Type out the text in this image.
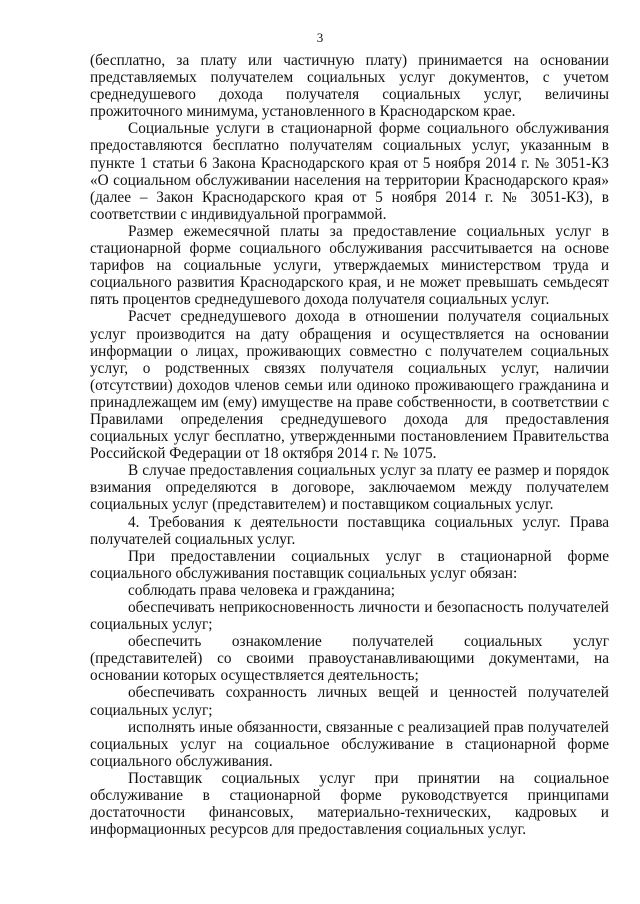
3

(бесплатно, за плату или частичную плату) принимается на основании представляемых получателем социальных услуг документов, с учетом среднедушевого дохода получателя социальных услуг, величины прожиточного минимума, установленного в Краснодарском крае.

Социальные услуги в стационарной форме социального обслуживания предоставляются бесплатно получателям социальных услуг, указанным в пункте 1 статьи 6 Закона Краснодарского края от 5 ноября 2014 г. № 3051-КЗ «О социальном обслуживании населения на территории Краснодарского края» (далее – Закон Краснодарского края от 5 ноября 2014 г. № 3051-КЗ), в соответствии с индивидуальной программой.

Размер ежемесячной платы за предоставление социальных услуг в стационарной форме социального обслуживания рассчитывается на основе тарифов на социальные услуги, утверждаемых министерством труда и социального развития Краснодарского края, и не может превышать семьдесят пять процентов среднедушевого дохода получателя социальных услуг.

Расчет среднедушевого дохода в отношении получателя социальных услуг производится на дату обращения и осуществляется на основании информации о лицах, проживающих совместно с получателем социальных услуг, о родственных связях получателя социальных услуг, наличии (отсутствии) доходов членов семьи или одиноко проживающего гражданина и принадлежащем им (ему) имуществе на праве собственности, в соответствии с Правилами определения среднедушевого дохода для предоставления социальных услуг бесплатно, утвержденными постановлением Правительства Российской Федерации от 18 октября 2014 г. № 1075.

В случае предоставления социальных услуг за плату ее размер и порядок взимания определяются в договоре, заключаемом между получателем социальных услуг (представителем) и поставщиком социальных услуг.

4. Требования к деятельности поставщика социальных услуг. Права получателей социальных услуг.

При предоставлении социальных услуг в стационарной форме социального обслуживания поставщик социальных услуг обязан:

соблюдать права человека и гражданина;

обеспечивать неприкосновенность личности и безопасность получателей социальных услуг;

обеспечить ознакомление получателей социальных услуг (представителей) со своими правоустанавливающими документами, на основании которых осуществляется деятельность;

обеспечивать сохранность личных вещей и ценностей получателей социальных услуг;

исполнять иные обязанности, связанные с реализацией прав получателей социальных услуг на социальное обслуживание в стационарной форме социального обслуживания.

Поставщик социальных услуг при принятии на социальное обслуживание в стационарной форме руководствуется принципами достаточности финансовых, материально-технических, кадровых и информационных ресурсов для предоставления социальных услуг.
